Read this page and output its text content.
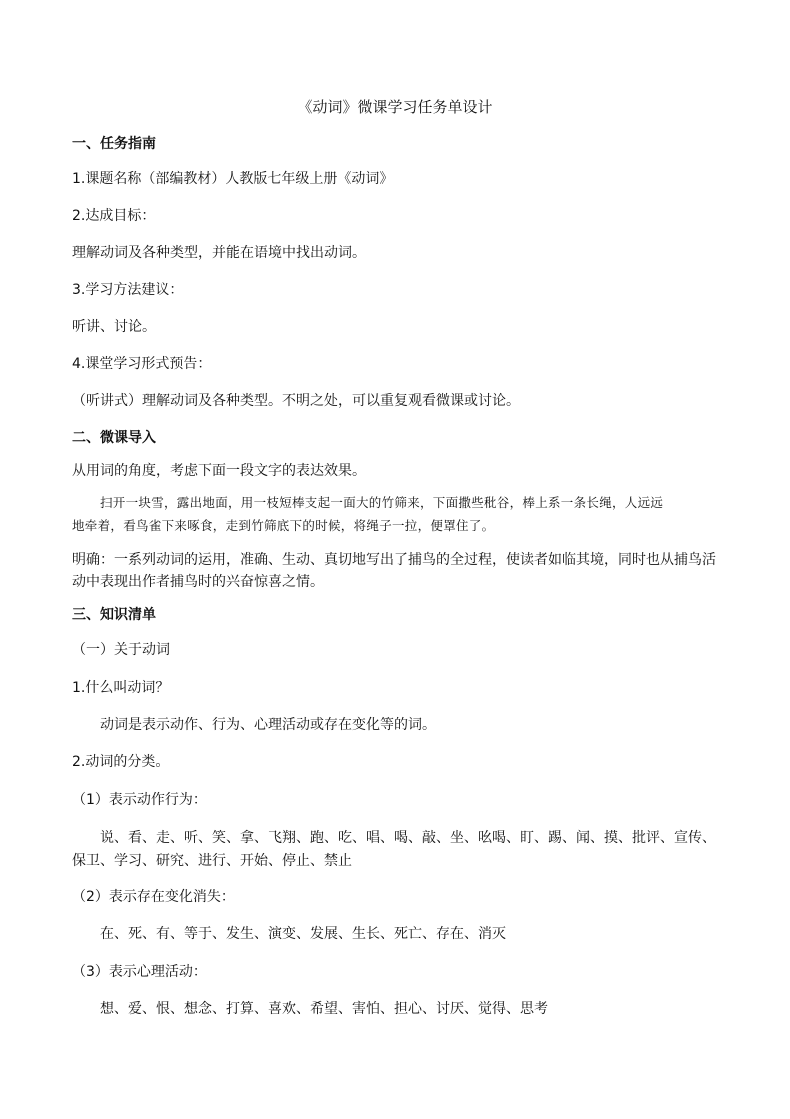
《动词》微课学习任务单设计
一、任务指南
1.课题名称（部编教材）人教版七年级上册《动词》
2.达成目标：
理解动词及各种类型，并能在语境中找出动词。
3.学习方法建议：
听讲、讨论。
4.课堂学习形式预告：
（听讲式）理解动词及各种类型。不明之处，可以重复观看微课或讨论。
二、微课导入
从用词的角度，考虑下面一段文字的表达效果。
扫开一块雪，露出地面，用一枝短棒支起一面大的竹筛来，下面撒些秕谷，棒上系一条长绳，人远远
地牵着，看鸟雀下来啄食，走到竹筛底下的时候，将绳子一拉，便罩住了。
明确：一系列动词的运用，准确、生动、真切地写出了捕鸟的全过程，使读者如临其境，同时也从捕鸟活
动中表现出作者捕鸟时的兴奋惊喜之情。
三、知识清单
（一）关于动词
1.什么叫动词？
动词是表示动作、行为、心理活动或存在变化等的词。
2.动词的分类。
（1）表示动作行为：
说、看、走、听、笑、拿、飞翔、跑、吃、唱、喝、敲、坐、吆喝、盯、踢、闻、摸、批评、宣传、
保卫、学习、研究、进行、开始、停止、禁止
（2）表示存在变化消失：
在、死、有、等于、发生、演变、发展、生长、死亡、存在、消灭
（3）表示心理活动：
想、爱、恨、想念、打算、喜欢、希望、害怕、担心、讨厌、觉得、思考
